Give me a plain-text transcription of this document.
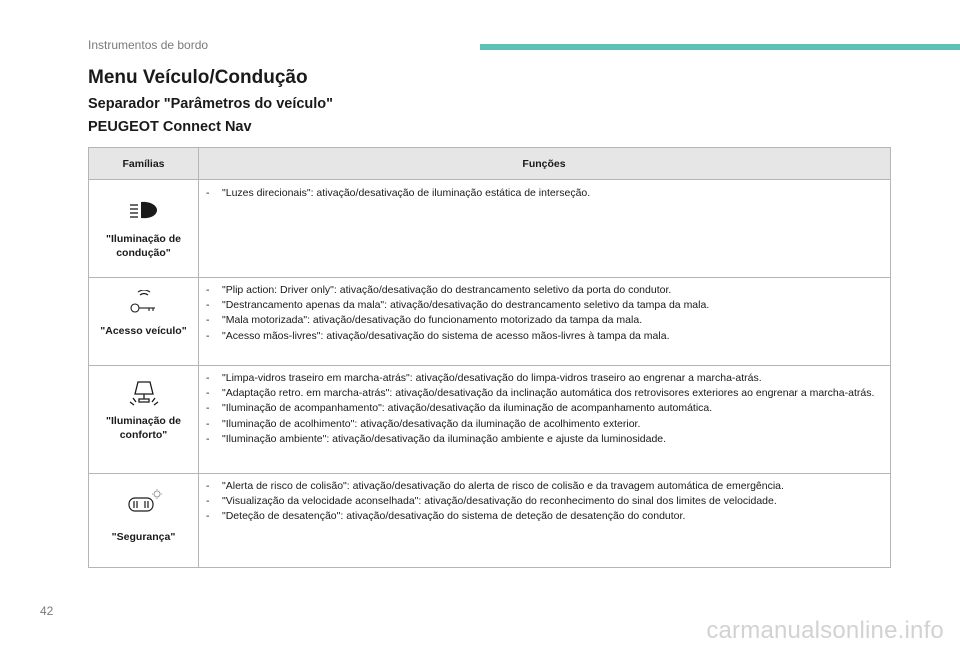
Instrumentos de bordo
Menu Veículo/Condução
Separador "Parâmetros do veículo"
PEUGEOT Connect Nav
Famílias	Funções
"Iluminação de condução"
- "Luzes direcionais": ativação/desativação de iluminação estática de interseção.
"Acesso veículo"
- "Plip action: Driver only": ativação/desativação do destrancamento seletivo da porta do condutor.
- "Destrancamento apenas da mala": ativação/desativação do destrancamento seletivo da tampa da mala.
- "Mala motorizada": ativação/desativação do funcionamento motorizado da tampa da mala.
- "Acesso mãos-livres": ativação/desativação do sistema de acesso mãos-livres à tampa da mala.
"Iluminação de conforto"
- "Limpa-vidros traseiro em marcha-atrás": ativação/desativação do limpa-vidros traseiro ao engrenar a marcha-atrás.
- "Adaptação retro. em marcha-atrás": ativação/desativação da inclinação automática dos retrovisores exteriores ao engrenar a marcha-atrás.
- "Iluminação de acompanhamento": ativação/desativação da iluminação de acompanhamento automática.
- "Iluminação de acolhimento": ativação/desativação da iluminação de acolhimento exterior.
- "Iluminação ambiente": ativação/desativação da iluminação ambiente e ajuste da luminosidade.
"Segurança"
- "Alerta de risco de colisão": ativação/desativação do alerta de risco de colisão e da travagem automática de emergência.
- "Visualização da velocidade aconselhada": ativação/desativação do reconhecimento do sinal dos limites de velocidade.
- "Deteção de desatenção": ativação/desativação do sistema de deteção de desatenção do condutor.
42
carmanualsonline.info
